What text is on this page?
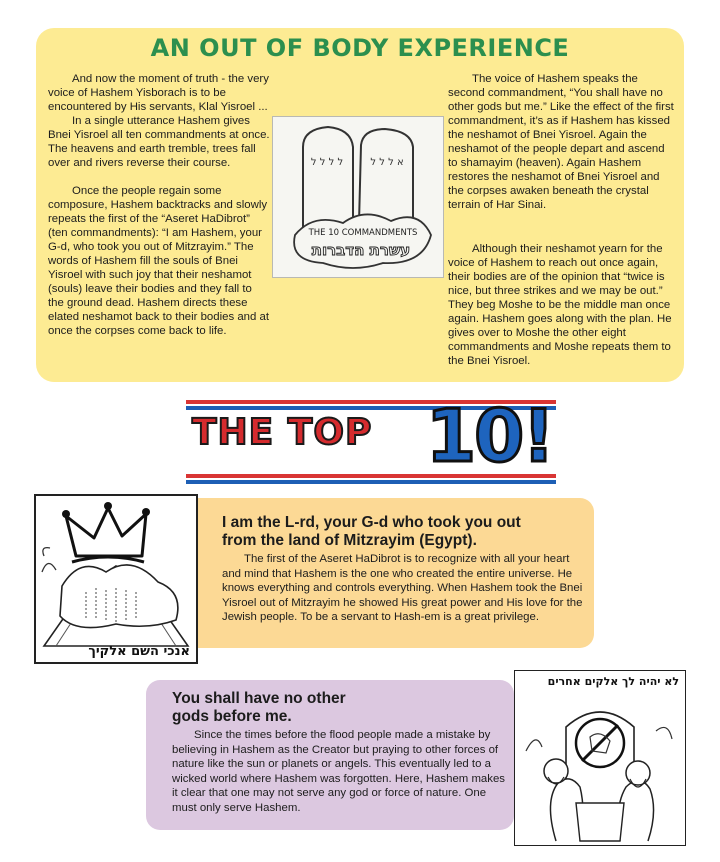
AN OUT OF BODY EXPERIENCE

And now the moment of truth - the very voice of Hashem Yisborach is to be encountered by His servants, Klal Yisroel ...

In a single utterance Hashem gives Bnei Yisroel all ten commandments at once. The heavens and earth tremble, trees fall over and rivers reverse their course.

Once the people regain some composure, Hashem backtracks and slowly repeats the first of the “Aseret HaDibrot” (ten commandments): “I am Hashem, your G-d, who took you out of Mitzrayim.” The words of Hashem fill the souls of Bnei Yisroel with such joy that their neshamot (souls) leave their bodies and they fall to the ground dead. Hashem directs these elated neshamot back to their bodies and at once the corpses come back to life.

The voice of Hashem speaks the second commandment, “You shall have no other gods but me.” Like the effect of the first commandment, it’s as if Hashem has kissed the neshamot of Bnei Yisroel. Again the neshamot of the people depart and ascend to shamayim (heaven). Again Hashem restores the neshamot of Bnei Yisroel and the corpses awaken beneath the crystal terrain of Har Sinai.

Although their neshamot yearn for the voice of Hashem to reach out once again, their bodies are of the opinion that “twice is nice, but three strikes and we may be out.” They beg Moshe to be the middle man once again. Hashem goes along with the plan. He gives over to Moshe the other eight commandments and Moshe repeats them to the Bnei Yisroel.

ל ל ל ל	א ל ל ל
THE 10 COMMANDMENTS
עשרת הדברות
THE TOP 10!
I am the L-rd, your G-d who took you out
from the land of Mitzrayim (Egypt).

The first of the Aseret HaDibrot is to recognize with all your heart and mind that Hashem is the one who created the entire universe. He knows everything and controls everything. When Hashem took the Bnei Yisroel out of Mitzrayim he showed His great power and His love for the Jewish people. To be a servant to Hash-em is a great privilege.

אנכי השם אלקיך
You shall have no other
gods before me.

Since the times before the flood people made a mistake by believing in Hashem as the Creator but praying to other forces of nature like the sun or planets or angels. This eventually led to a wicked world where Hashem was forgotten. Here, Hashem makes it clear that one may not serve any god or force of nature. One must only serve Hashem.

לא יהיה לך אלקים אחרים
